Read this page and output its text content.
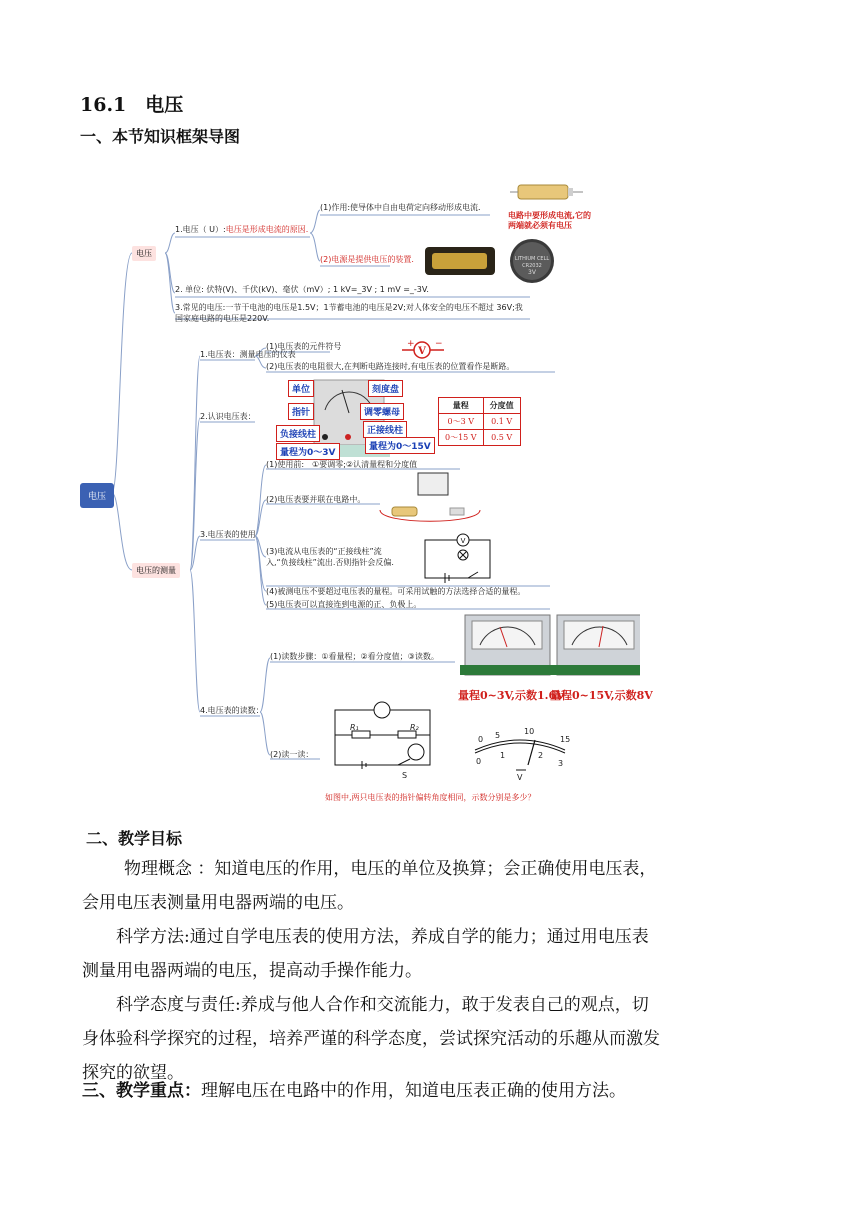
16.1　电压
一、本节知识框架导图
LITHIUM CELL
CR2032
3V
V
+ −
V
电压
电压
电压的测量
1.电压（ U）:电压是形成电流的原因.
(1)作用:使导体中自由电荷定向移动形成电流．
电路中要形成电流,它的两端就必须有电压
(2)电源是提供电压的装置.
2. 单位: 伏特(V)、千伏(kV)、毫伏（mV）; 1 kV=_3V ; 1 mV =_-3V.
3.常见的电压:一节干电池的电压是1.5V；1节蓄电池的电压是2V;对人体安全的电压不超过 36V;我
国家庭电路的电压是220V.
1.电压表：测量电压的仪表
(1)电压表的元件符号
(2)电压表的电阻很大,在判断电路连接时,有电压表的位置看作是断路。
2.认识电压表：
单位	刻度盘
指针	调零螺母
负接线柱	正接线柱
量程为0～3V
量程为0～15V
量程	分度值
0～3 V	0.1 V
0～15 V	0.5 V
3.电压表的使用
(1)使用前:　①要调零;②认清量程和分度值
(2)电压表要并联在电路中。
(3)电流从电压表的“正接线柱”流
入,“负接线柱”流出.否则指针会反偏.
(4)被测电压不要超过电压表的量程。可采用试触的方法选择合适的量程。
(5)电压表可以直接连到电源的正、负极上。
4.电压表的读数：
(1)读数步骤：①看量程；②看分度值；③读数。
量程0~3V,示数1.6V
量程0~15V,示数8V
(2)读一读：
如图中,两只电压表的指针偏转角度相同，示数分别是多少？
R₁	R₂
S	V
0 5	10
15
0
1	2
3
二、教学目标
物理概念 ：知道电压的作用，电压的单位及换算；会正确使用电压表，会用电压表测量用电器两端的电压。
科学方法:通过自学电压表的使用方法，养成自学的能力；通过用电压表测量用电器两端的电压，提高动手操作能力。
科学态度与责任:养成与他人合作和交流能力，敢于发表自己的观点，切身体验科学探究的过程，培养严谨的科学态度，尝试探究活动的乐趣从而激发探究的欲望。
三、教学重点：理解电压在电路中的作用，知道电压表正确的使用方法。
